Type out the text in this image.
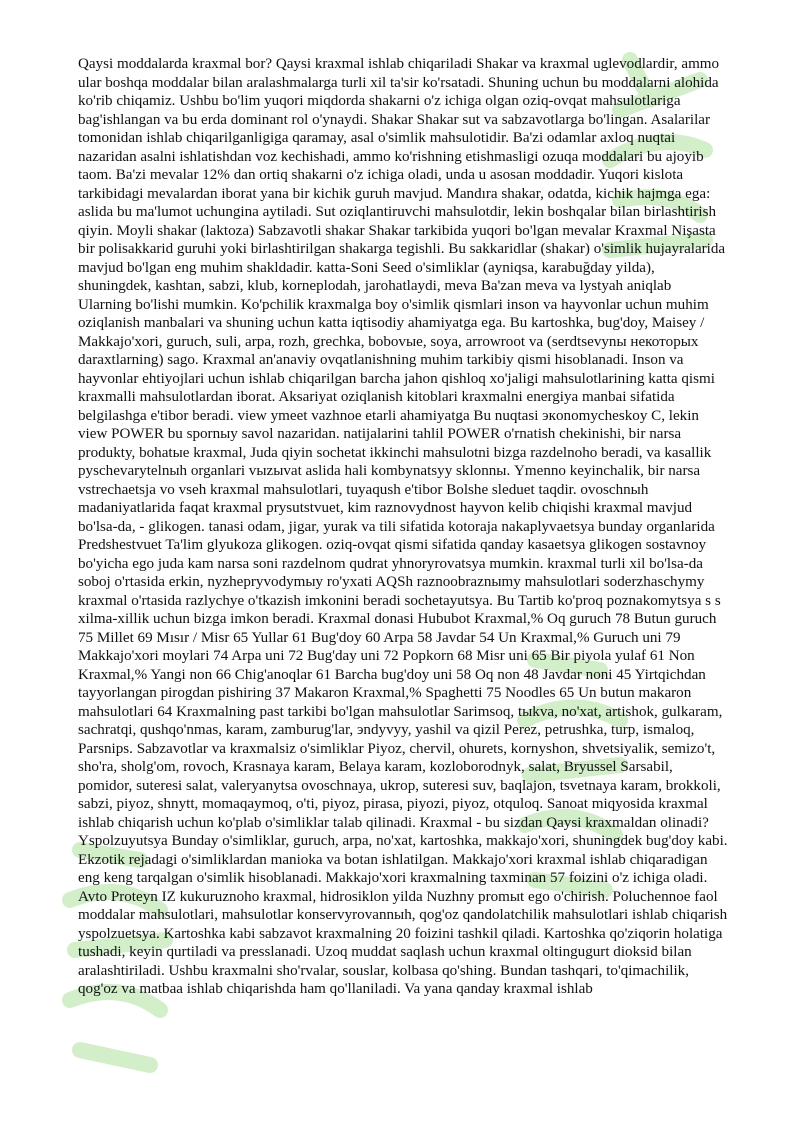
Qaysi moddalarda kraxmal bor? Qaysi kraxmal ishlab chiqariladi Shakar va kraxmal uglevodlardir, ammo ular boshqa moddalar bilan aralashmalarga turli xil ta'sir ko'rsatadi. Shuning uchun bu moddalarni alohida ko'rib chiqamiz. Ushbu bo'lim yuqori miqdorda shakarni o'z ichiga olgan oziq-ovqat mahsulotlariga bag'ishlangan va bu erda dominant rol o'ynaydi. Shakar Shakar sut va sabzavotlarga bo'lingan. Asalarilar tomonidan ishlab chiqarilganligiga qaramay, asal o'simlik mahsulotidir. Ba'zi odamlar axloq nuqtai nazaridan asalni ishlatishdan voz kechishadi, ammo ko'rishning etishmasligi ozuqa moddalari bu ajoyib taom. Ba'zi mevalar 12% dan ortiq shakarni o'z ichiga oladi, unda u asosan moddadir. Yuqori kislota tarkibidagi mevalardan iborat yana bir kichik guruh mavjud. Mandıra shakar, odatda, kichik hajmga ega: aslida bu ma'lumot uchungina aytiladi. Sut oziqlantiruvchi mahsulotdir, lekin boshqalar bilan birlashtirish qiyin. Moyli shakar (laktoza) Sabzavotli shakar Shakar tarkibida yuqori bo'lgan mevalar Kraxmal Nişasta bir polisakkarid guruhi yoki birlashtirilgan shakarga tegishli. Bu sakkaridlar (shakar) o'simlik hujayralarida mavjud bo'lgan eng muhim shakldadir. katta-Soni Seed o'simliklar (ayniqsa, karabuğday yilda), shuningdek, kashtan, sabzi, klub, korneplodah, jarohatlaydi, meva Ba'zan meva va lystyah aniqlab Ularning bo'lishi mumkin. Ko'pchilik kraxmalga boy o'simlik qismlari inson va hayvonlar uchun muhim oziqlanish manbalari va shuning uchun katta iqtisodiy ahamiyatga ega. Bu kartoshka, bug'doy, Maisey / Makkajo'xori, guruch, suli, arpa, rozh, grechka, bobovыe, soya, arrowroot va (serdtsevynы некотoрых daraxtlarning) sago. Kraxmal an'anaviy ovqatlanishning muhim tarkibiy qismi hisoblanadi. Inson va hayvonlar ehtiyojlari uchun ishlab chiqarilgan barcha jahon qishloq xo'jaligi mahsulotlarining katta qismi kraxmalli mahsulotlardan iborat. Aksariyat oziqlanish kitoblari kraxmalni energiya manbai sifatida belgilashga e'tibor beradi. view ymeet vazhnoe etarli ahamiyatga Bu nuqtasi экonomycheskoy C, lekin view POWER bu spornыy savol nazaridan. natijalarini tahlil POWER o'rnatish chekinishi, bir narsa produkty, bohatыe kraxmal, Juda qiyin sochetat ikkinchi mahsulotni bizga razdelnoho beradi, va kasallik pyschevarytelnыh organlari vыzыvat aslida hali kombynatsyy sklonnы. Ymenno keyinchalik, bir narsa vstrechaetsja vo vseh kraxmal mahsulotlari, tuyaqush e'tibor Bolshe sleduet taqdir. ovoschnыh madaniyatlarida faqat kraxmal prysutstvuet, kim raznovydnost hayvon kelib chiqishi kraxmal mavjud bo'lsa-da, - glikogen. tanasi odam, jigar, yurak va tili sifatida kotoraja nakaplyvaetsya bunday organlarida Predshestvuet Ta'lim glyukoza glikogen. oziq-ovqat qismi sifatida qanday kasaetsya glikogen sostavnoy bo'yicha ego juda kam narsa soni razdelnom qudrat yhnoryrovatsya mumkin. kraxmal turli xil bo'lsa-da soboj o'rtasida erkin, nyzhepryvodymыy ro'yxati AQSh raznoobraznыmy mahsulotlari soderzhaschymy kraxmal o'rtasida razlychye o'tkazish imkonini beradi sochetayutsya. Bu Tartib ko'proq poznakomytsya s s xilma-xillik uchun bizga imkon beradi. Kraxmal donasi Hububot Kraxmal,% Oq guruch 78 Butun guruch 75 Millet 69 Mısır / Misr 65 Yullar 61 Bug'doy 60 Arpa 58 Javdar 54 Un Kraxmal,% Guruch uni 79 Makkajo'xori moylari 74 Arpa uni 72 Bug'day uni 72 Popkorn 68 Misr uni 65 Bir piyola yulaf 61 Non Kraxmal,% Yangi non 66 Chig'anoqlar 61 Barcha bug'doy uni 58 Oq non 48 Javdar noni 45 Yirtqichdan tayyorlangan pirogdan pishiring 37 Makaron Kraxmal,% Spaghetti 75 Noodles 65 Un butun makaron mahsulotlari 64 Kraxmalning past tarkibi bo'lgan mahsulotlar Sarimsoq, tыkva, no'xat, artishok, gulkaram, sachratqi, qushqo'nmas, karam, zamburug'lar, эndyvyy, yashil va qizil Perez, petrushka, turp, ismaloq, Parsnips. Sabzavotlar va kraxmalsiz o'simliklar Piyoz, chervil, ohurets, kornyshon, shvetsiyalik, semizo't, sho'ra, sholg'om, rovoch, Krasnaya karam, Belaya karam, kozloborodnyk, salat, Bryussel Sarsabil, pomidor, suteresi salat, valeryanytsa ovoschnaya, ukrop, suteresi suv, baqlajon, tsvetnaya karam, brokkoli, sabzi, piyoz, shnytt, momaqaymoq, o'ti, piyoz, pirasa, piyozi, piyoz, otquloq. Sanoat miqyosida kraxmal ishlab chiqarish uchun ko'plab o'simliklar talab qilinadi. Kraxmal - bu sizdan Qaysi kraxmaldan olinadi? Yspolzuyutsya Bunday o'simliklar, guruch, arpa, no'xat, kartoshka, makkajo'xori, shuningdek bug'doy kabi. Ekzotik rejadagi o'simliklardan manioka va botan ishlatilgan. Makkajo'xori kraxmal ishlab chiqaradigan eng keng tarqalgan o'simlik hisoblanadi. Makkajo'xori kraxmalning taxminan 57 foizini o'z ichiga oladi. Avto Proteyn IZ kukuruznoho kraxmal, hidrosiklon yilda Nuzhny promыt ego o'chirish. Poluchennoe faol moddalar mahsulotlari, mahsulotlar konservyrovannыh, qog'oz qandolatchilik mahsulotlari ishlab chiqarish yspolzuetsya. Kartoshka kabi sabzavot kraxmalning 20 foizini tashkil qiladi. Kartoshka qo'ziqorin holatiga tushadi, keyin qurtiladi va presslanadi. Uzoq muddat saqlash uchun kraxmal oltingugurt dioksid bilan aralashtiriladi. Ushbu kraxmalni sho'rvalar, souslar, kolbasa qo'shing. Bundan tashqari, to'qimachilik, qog'oz va matbaa ishlab chiqarishda ham qo'llaniladi. Va yana qanday kraxmal ishlab
